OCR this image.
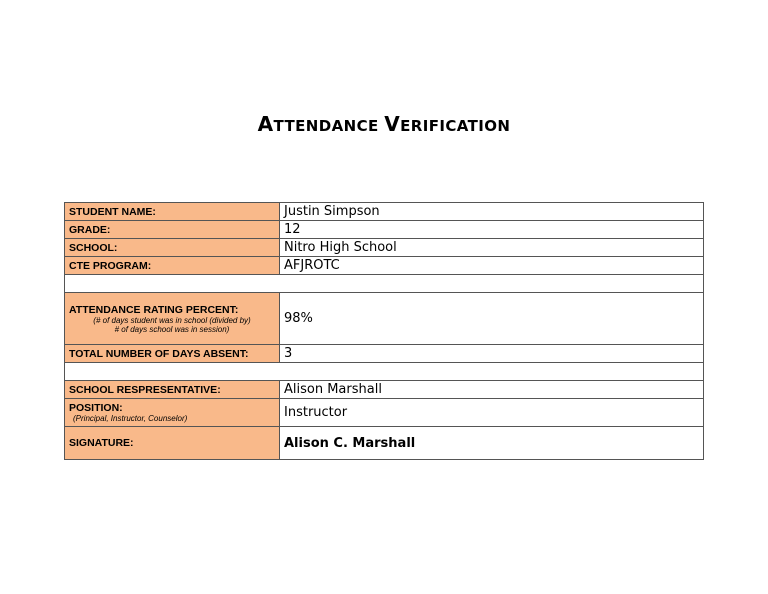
ATTENDANCE VERIFICATION
STUDENT NAME:	Justin Simpson
GRADE:	12
SCHOOL:	Nitro High School
CTE PROGRAM:	AFJROTC

ATTENDANCE RATING PERCENT:
(# of days student was in school (divided by)
# of days school was in session)	98%
TOTAL NUMBER OF DAYS ABSENT:	3

SCHOOL RESPRESENTATIVE:	Alison Marshall
POSITION:
(Principal, Instructor, Counselor)	Instructor
SIGNATURE:	Alison C. Marshall
